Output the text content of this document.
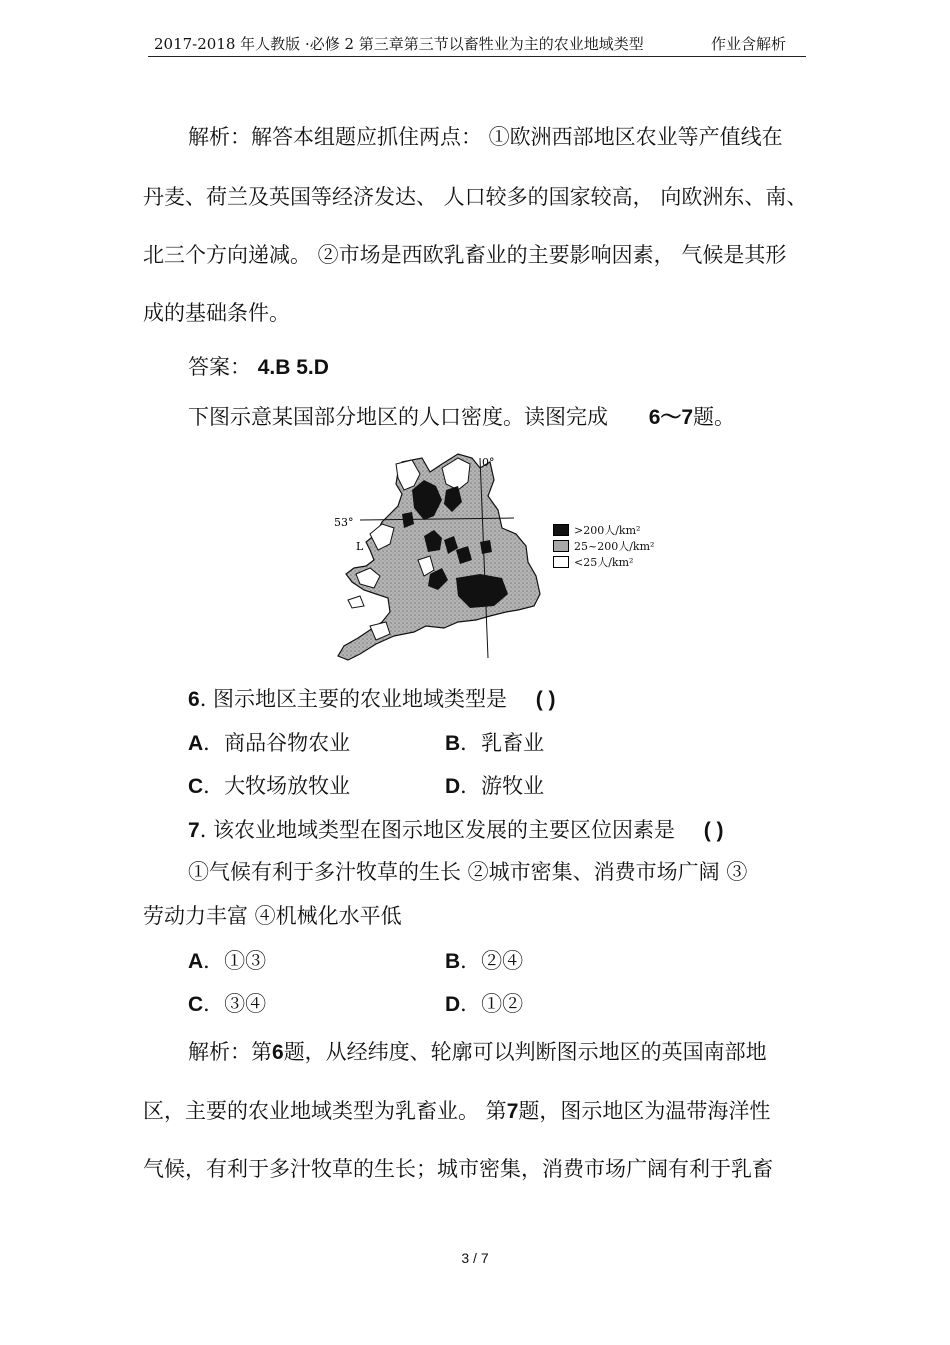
2017-2018 年人教版 ·必修 2 第三章第三节以畜牲业为主的农业地域类型	作业含解析
解析：解答本组题应抓住两点： ①欧洲西部地区农业等产值线在
丹麦、荷兰及英国等经济发达、 人口较多的国家较高， 向欧洲东、南、
北三个方向递减。 ②市场是西欧乳畜业的主要影响因素， 气候是其形
成的基础条件。
答案： 4.B 5.D
下图示意某国部分地区的人口密度。读图完成 6～7题。
53°
0°
L
>200人/km²
25~200人/km²
<25人/km²
6. 图示地区主要的农业地域类型是 ( )
A．商品谷物农业	B．乳畜业
C．大牧场放牧业	D．游牧业
7. 该农业地域类型在图示地区发展的主要区位因素是 ( )
①气候有利于多汁牧草的生长 ②城市密集、消费市场广阔 ③
劳动力丰富 ④机械化水平低
A．①③	B．②④
C．③④	D．①②
解析：第6题，从经纬度、轮廓可以判断图示地区的英国南部地
区，主要的农业地域类型为乳畜业。 第7题，图示地区为温带海洋性
气候，有利于多汁牧草的生长；城市密集，消费市场广阔有利于乳畜
3 / 7
